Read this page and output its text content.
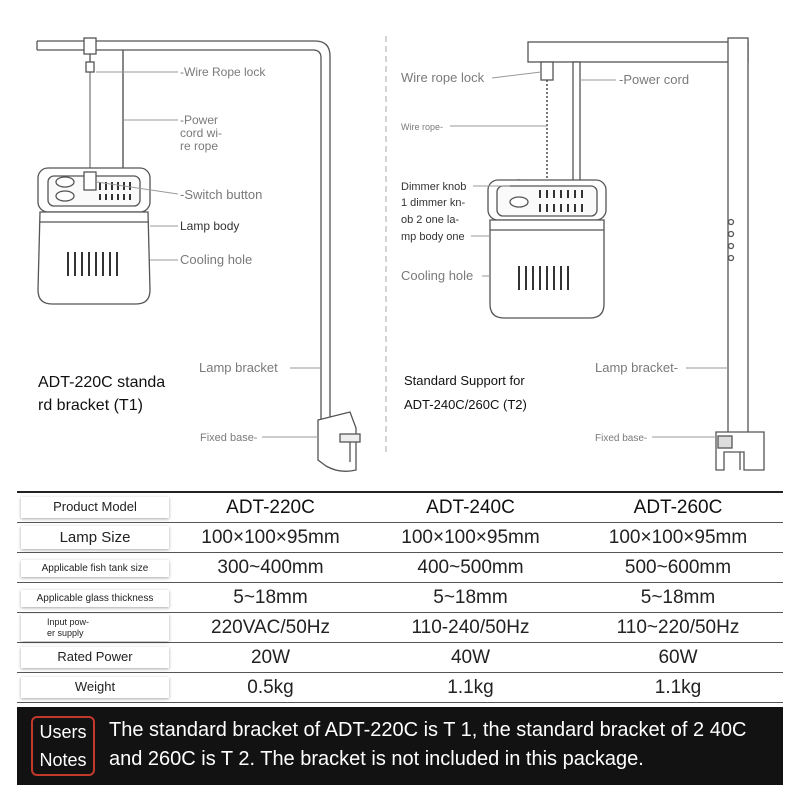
-Wire Rope lock
-Power
cord wi-
re rope
-Switch button
Lamp body
Cooling hole
Lamp bracket
Fixed base-
ADT-220C standa
rd bracket (T1)
Wire rope lock	-Power cord
Wire rope-
Dimmer knob
1 dimmer kn-
ob 2 one la-
mp body one
Cooling hole
Lamp bracket-
Fixed base-
Standard Support for
ADT-240C/260C (T2)
Product Model	ADT-220C	ADT-240C	ADT-260C
Lamp Size	100×100×95mm	100×100×95mm	100×100×95mm
Applicable fish tank size	300~400mm	400~500mm	500~600mm
Applicable glass thickness	5~18mm	5~18mm	5~18mm
Input pow-
er supply	220VAC/50Hz	110-240/50Hz	110~220/50Hz
Rated Power	20W	40W	60W
Weight	0.5kg	1.1kg	1.1kg
Users
Notes
The standard bracket of ADT-220C is T 1, the standard bracket of 2 40C and 260C is T 2. The bracket is not included in this package.
